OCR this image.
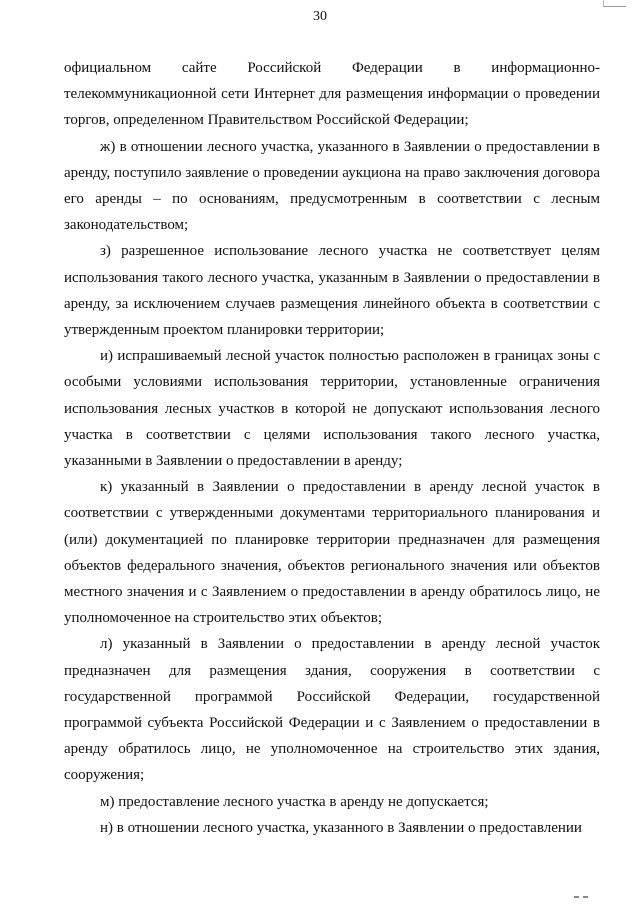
30

официальном сайте Российской Федерации в информационно-телекоммуникационной сети Интернет для размещения информации о проведении торгов, определенном Правительством Российской Федерации;

ж) в отношении лесного участка, указанного в Заявлении о предоставлении в аренду, поступило заявление о проведении аукциона на право заключения договора его аренды – по основаниям, предусмотренным в соответствии с лесным законодательством;

з) разрешенное использование лесного участка не соответствует целям использования такого лесного участка, указанным в Заявлении о предоставлении в аренду, за исключением случаев размещения линейного объекта в соответствии с утвержденным проектом планировки территории;

и) испрашиваемый лесной участок полностью расположен в границах зоны с особыми условиями использования территории, установленные ограничения использования лесных участков в которой не допускают использования лесного участка в соответствии с целями использования такого лесного участка, указанными в Заявлении о предоставлении в аренду;

к) указанный в Заявлении о предоставлении в аренду лесной участок в соответствии с утвержденными документами территориального планирования и (или) документацией по планировке территории предназначен для размещения объектов федерального значения, объектов регионального значения или объектов местного значения и с Заявлением о предоставлении в аренду обратилось лицо, не уполномоченное на строительство этих объектов;

л) указанный в Заявлении о предоставлении в аренду лесной участок предназначен для размещения здания, сооружения в соответствии с государственной программой Российской Федерации, государственной программой субъекта Российской Федерации и с Заявлением о предоставлении в аренду обратилось лицо, не уполномоченное на строительство этих здания, сооружения;

м) предоставление лесного участка в аренду не допускается;

н) в отношении лесного участка, указанного в Заявлении о предоставлении
